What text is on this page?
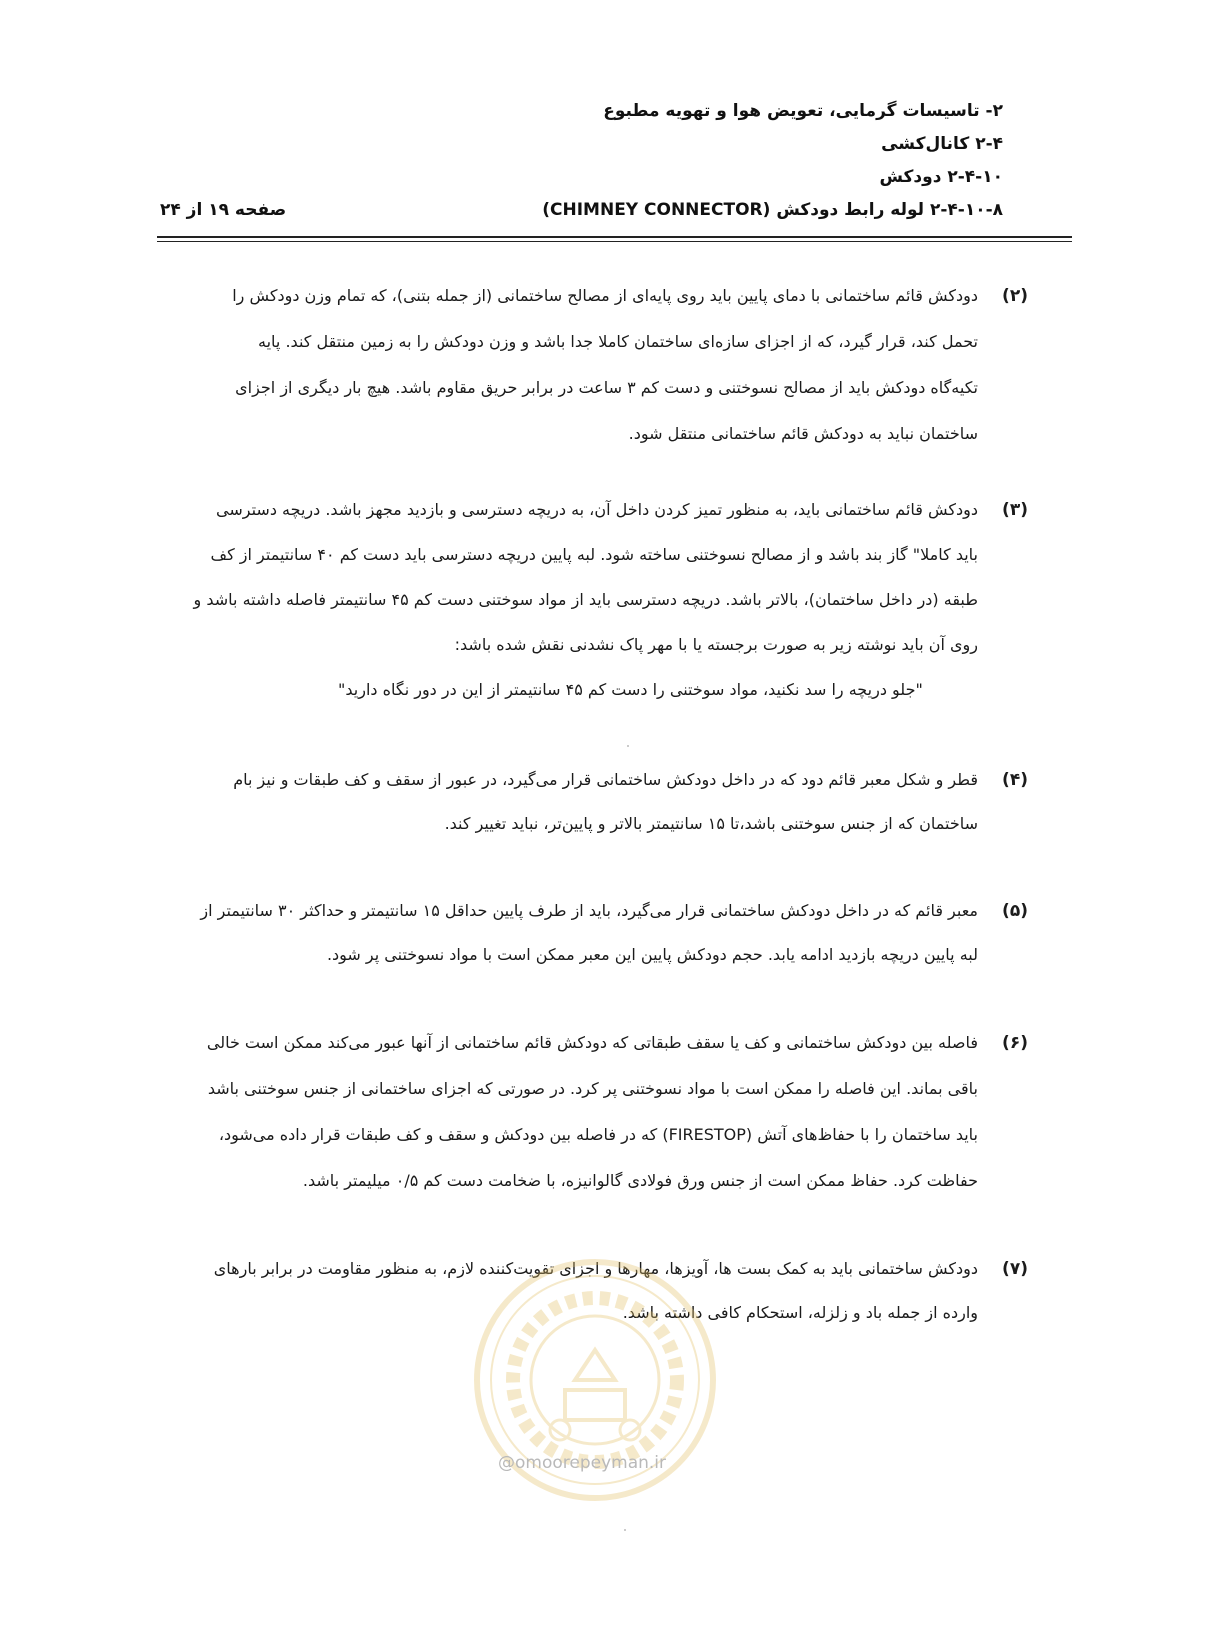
۲- تاسیسات گرمایی، تعویض هوا و تهویه مطبوع
۲-۴ کانال‌کشی
۲-۴-۱۰ دودکش
۲-۴-۱۰-۸ لوله رابط دودکش (CHIMNEY CONNECTOR)
صفحه ۱۹ از ۲۴
(۲)
دودکش قائم ساختمانی با دمای پایین باید روی پایه‌ای از مصالح ساختمانی (از جمله بتنی)، که تمام وزن دودکش را
تحمل کند، قرار گیرد، که از اجزای سازه‌ای ساختمان کاملا جدا باشد و وزن دودکش را به زمین منتقل کند. پایه
تکیه‌گاه دودکش باید از مصالح نسوختنی و دست کم ۳ ساعت در برابر حریق مقاوم باشد. هیچ بار دیگری از اجزای
ساختمان نباید به دودکش قائم ساختمانی منتقل شود.
(۳)
دودکش قائم ساختمانی باید، به منظور تمیز کردن داخل آن، به دریچه دسترسی و بازدید مجهز باشد. دریچه دسترسی
باید کاملا" گاز بند باشد و از مصالح نسوختنی ساخته شود. لبه پایین دریچه دسترسی باید دست کم ۴۰ سانتیمتر از کف
طبقه (در داخل ساختمان)، بالاتر باشد. دریچه دسترسی باید از مواد سوختنی دست کم ۴۵ سانتیمتر فاصله داشته باشد و
روی آن باید نوشته زیر به صورت برجسته یا با مهر پاک نشدنی نقش شده باشد:
"جلو دریچه را سد نکنید، مواد سوختنی را دست کم ۴۵ سانتیمتر از این در دور نگاه دارید"
(۴)
قطر و شکل معبر قائم دود که در داخل دودکش ساختمانی قرار می‌گیرد، در عبور از سقف و کف طبقات و نیز بام
ساختمان که از جنس سوختنی باشد،تا ۱۵ سانتیمتر بالاتر و پایین‌تر، نباید تغییر کند.
(۵)
معبر قائم که در داخل دودکش ساختمانی قرار می‌گیرد، باید از طرف پایین حداقل ۱۵ سانتیمتر و حداکثر ۳۰ سانتیمتر از
لبه پایین دریچه بازدید ادامه یابد. حجم دودکش پایین این معبر ممکن است با مواد نسوختنی پر شود.
(۶)
فاصله بین دودکش ساختمانی و کف یا سقف طبقاتی که دودکش قائم ساختمانی از آنها عبور می‌کند ممکن است خالی
باقی بماند. این فاصله را ممکن است با مواد نسوختنی پر کرد. در صورتی که اجزای ساختمانی از جنس سوختنی باشد
باید ساختمان را با حفاظ‌های آتش (FIRESTOP) که در فاصله بین دودکش و سقف و کف طبقات قرار داده می‌شود،
حفاظت کرد. حفاظ ممکن است از جنس ورق فولادی گالوانیزه، با ضخامت دست کم ۰/۵ میلیمتر باشد.
(۷)
دودکش ساختمانی باید به کمک بست ها، آویزها، مهارها و اجزای تقویت‌کننده لازم، به منظور مقاومت در برابر بارهای
وارده از جمله باد و زلزله، استحکام کافی داشته باشد.
@omoorepeyman.ir
